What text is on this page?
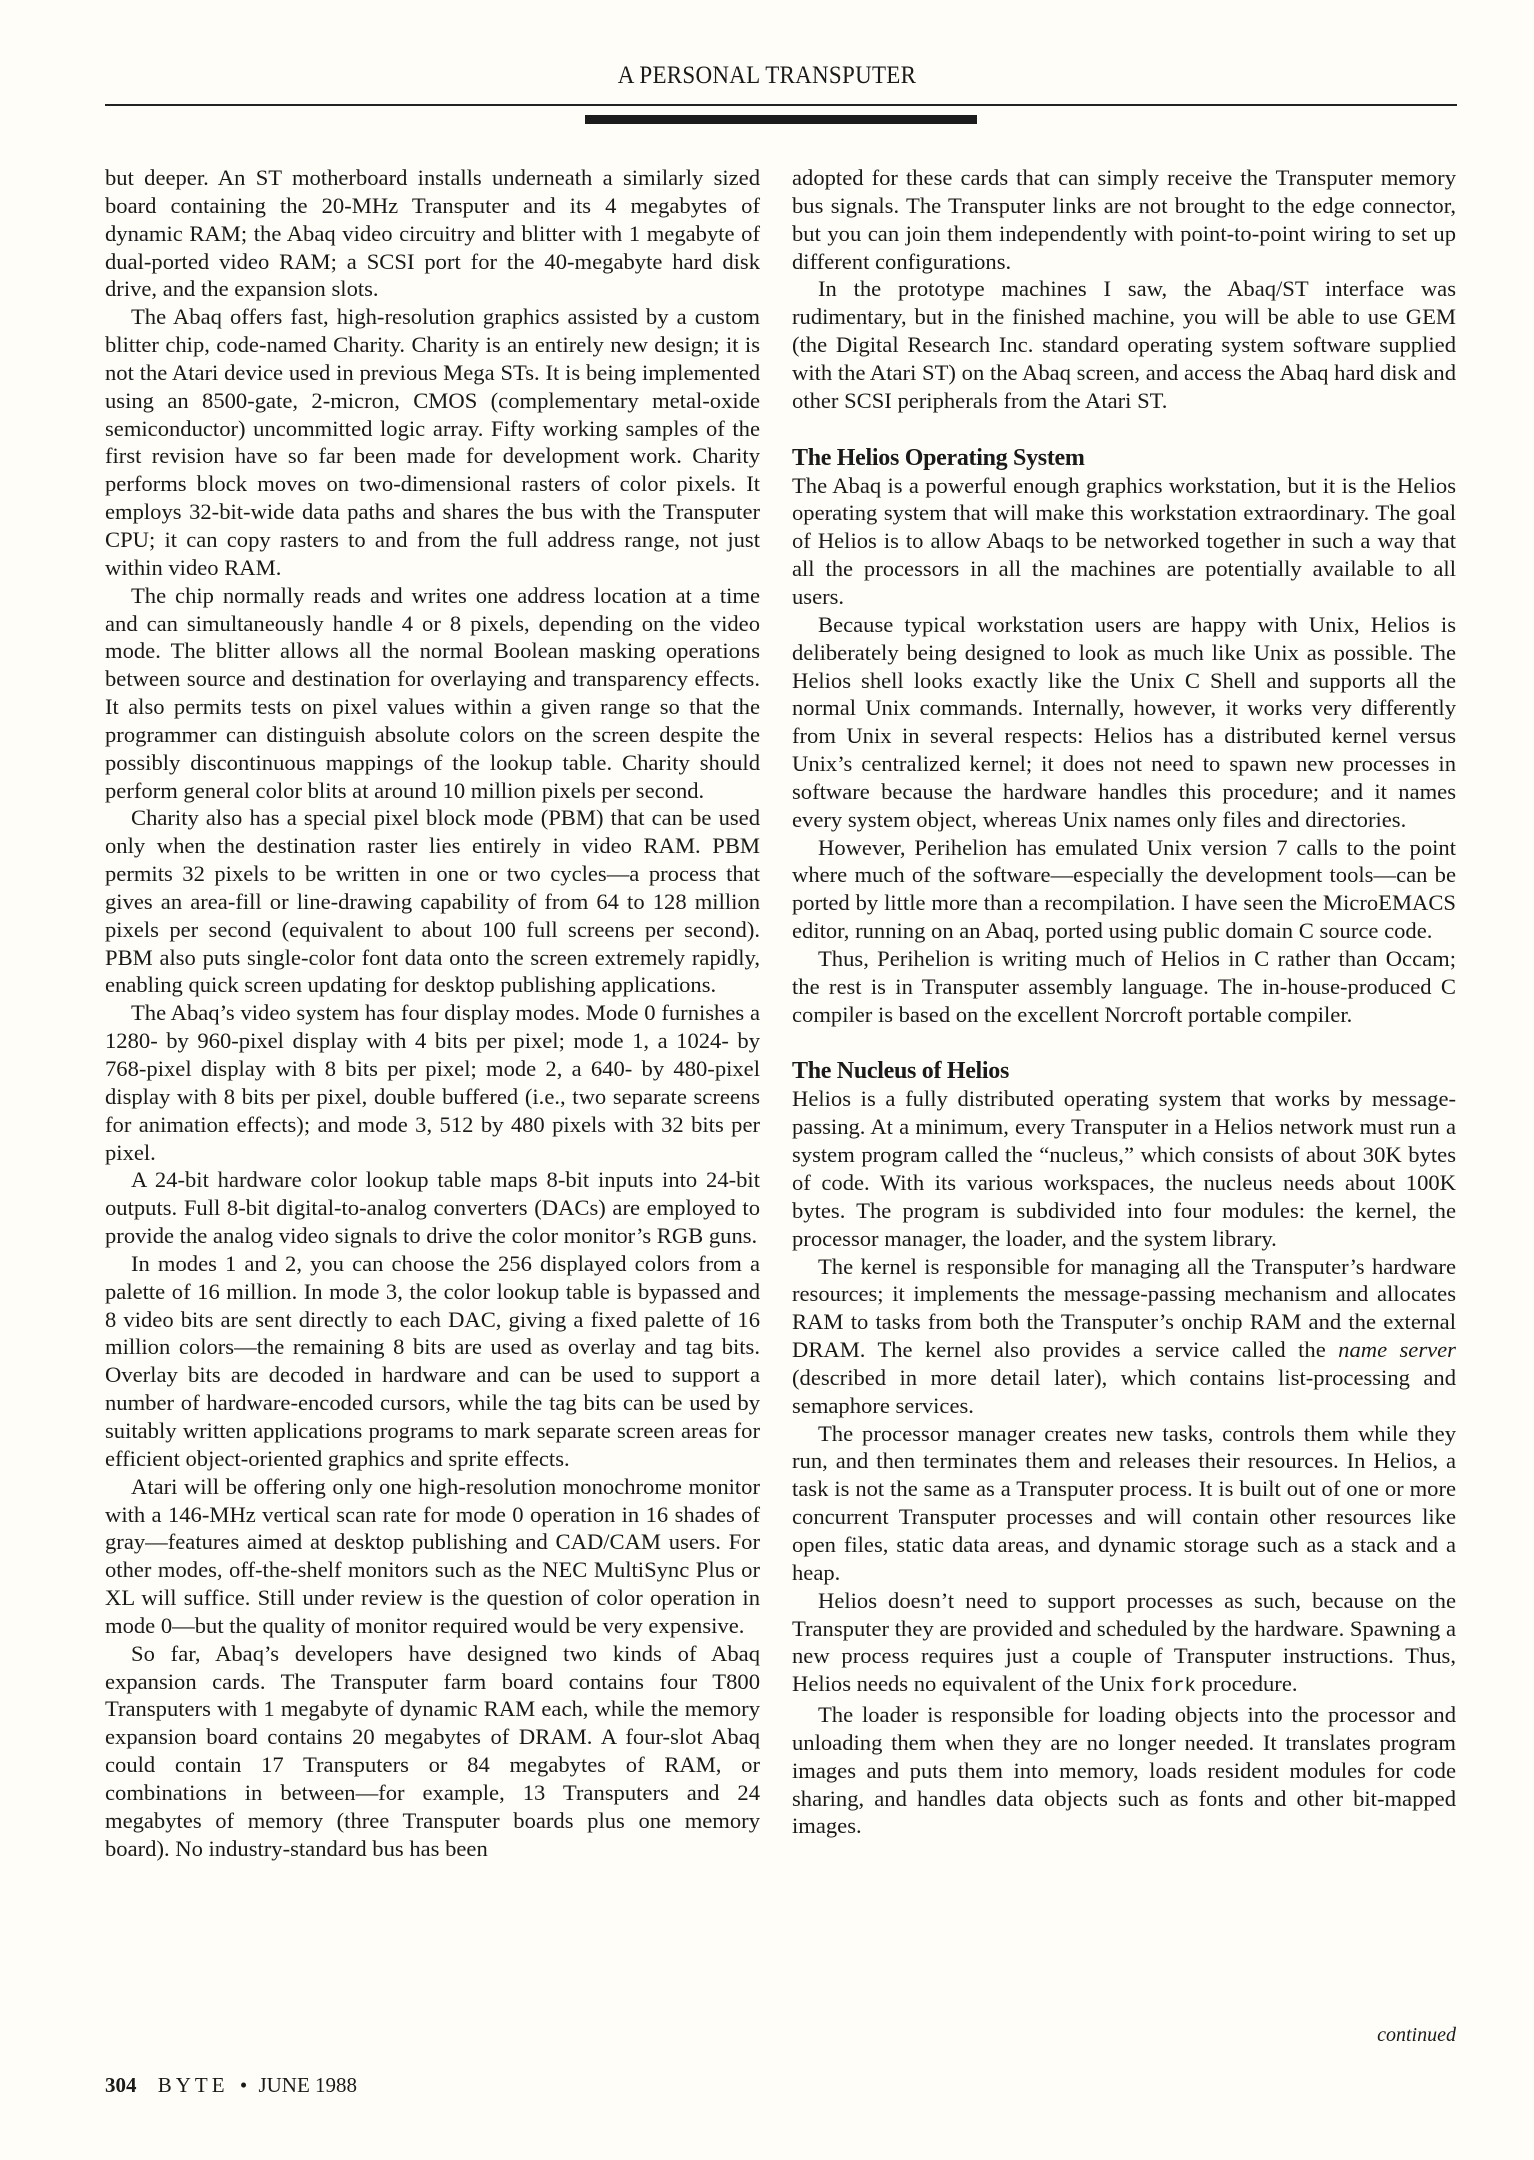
A PERSONAL TRANSPUTER

but deeper. An ST motherboard installs underneath a similarly sized board containing the 20-MHz Transputer and its 4 megabytes of dynamic RAM; the Abaq video circuitry and blitter with 1 megabyte of dual-ported video RAM; a SCSI port for the 40-megabyte hard disk drive, and the expansion slots.

The Abaq offers fast, high-resolution graphics assisted by a custom blitter chip, code-named Charity. Charity is an entirely new design; it is not the Atari device used in previous Mega STs. It is being implemented using an 8500-gate, 2-micron, CMOS (complementary metal-oxide semiconductor) uncommitted logic array. Fifty working samples of the first revision have so far been made for development work. Charity performs block moves on two-dimensional rasters of color pixels. It employs 32-bit-wide data paths and shares the bus with the Transputer CPU; it can copy rasters to and from the full address range, not just within video RAM.

The chip normally reads and writes one address location at a time and can simultaneously handle 4 or 8 pixels, depending on the video mode. The blitter allows all the normal Boolean masking operations between source and destination for overlaying and transparency effects. It also permits tests on pixel values within a given range so that the programmer can distinguish absolute colors on the screen despite the possibly discontinuous mappings of the lookup table. Charity should perform general color blits at around 10 million pixels per second.

Charity also has a special pixel block mode (PBM) that can be used only when the destination raster lies entirely in video RAM. PBM permits 32 pixels to be written in one or two cycles—a process that gives an area-fill or line-drawing capability of from 64 to 128 million pixels per second (equivalent to about 100 full screens per second). PBM also puts single-color font data onto the screen extremely rapidly, enabling quick screen updating for desktop publishing applications.

The Abaq’s video system has four display modes. Mode 0 furnishes a 1280- by 960-pixel display with 4 bits per pixel; mode 1, a 1024- by 768-pixel display with 8 bits per pixel; mode 2, a 640- by 480-pixel display with 8 bits per pixel, double buffered (i.e., two separate screens for animation effects); and mode 3, 512 by 480 pixels with 32 bits per pixel.

A 24-bit hardware color lookup table maps 8-bit inputs into 24-bit outputs. Full 8-bit digital-to-analog converters (DACs) are employed to provide the analog video signals to drive the color monitor’s RGB guns.

In modes 1 and 2, you can choose the 256 displayed colors from a palette of 16 million. In mode 3, the color lookup table is bypassed and 8 video bits are sent directly to each DAC, giving a fixed palette of 16 million colors—the remaining 8 bits are used as overlay and tag bits. Overlay bits are decoded in hardware and can be used to support a number of hardware-encoded cursors, while the tag bits can be used by suitably written applications programs to mark separate screen areas for efficient object-oriented graphics and sprite effects.

Atari will be offering only one high-resolution monochrome monitor with a 146-MHz vertical scan rate for mode 0 operation in 16 shades of gray—features aimed at desktop publishing and CAD/CAM users. For other modes, off-the-shelf monitors such as the NEC MultiSync Plus or XL will suffice. Still under review is the question of color operation in mode 0—but the quality of monitor required would be very expensive.

So far, Abaq’s developers have designed two kinds of Abaq expansion cards. The Transputer farm board contains four T800 Transputers with 1 megabyte of dynamic RAM each, while the memory expansion board contains 20 megabytes of DRAM. A four-slot Abaq could contain 17 Transputers or 84 megabytes of RAM, or combinations in between—for example, 13 Transputers and 24 megabytes of memory (three Transputer boards plus one memory board). No industry-standard bus has been

adopted for these cards that can simply receive the Transputer memory bus signals. The Transputer links are not brought to the edge connector, but you can join them independently with point-to-point wiring to set up different configurations.

In the prototype machines I saw, the Abaq/ST interface was rudimentary, but in the finished machine, you will be able to use GEM (the Digital Research Inc. standard operating system software supplied with the Atari ST) on the Abaq screen, and access the Abaq hard disk and other SCSI peripherals from the Atari ST.

The Helios Operating System

The Abaq is a powerful enough graphics workstation, but it is the Helios operating system that will make this workstation extraordinary. The goal of Helios is to allow Abaqs to be networked together in such a way that all the processors in all the machines are potentially available to all users.

Because typical workstation users are happy with Unix, Helios is deliberately being designed to look as much like Unix as possible. The Helios shell looks exactly like the Unix C Shell and supports all the normal Unix commands. Internally, however, it works very differently from Unix in several respects: Helios has a distributed kernel versus Unix’s centralized kernel; it does not need to spawn new processes in software because the hardware handles this procedure; and it names every system object, whereas Unix names only files and directories.

However, Perihelion has emulated Unix version 7 calls to the point where much of the software—especially the development tools—can be ported by little more than a recompilation. I have seen the MicroEMACS editor, running on an Abaq, ported using public domain C source code.

Thus, Perihelion is writing much of Helios in C rather than Occam; the rest is in Transputer assembly language. The in-house-produced C compiler is based on the excellent Norcroft portable compiler.

The Nucleus of Helios

Helios is a fully distributed operating system that works by message-passing. At a minimum, every Transputer in a Helios network must run a system program called the “nucleus,” which consists of about 30K bytes of code. With its various workspaces, the nucleus needs about 100K bytes. The program is subdivided into four modules: the kernel, the processor manager, the loader, and the system library.

The kernel is responsible for managing all the Transputer’s hardware resources; it implements the message-passing mechanism and allocates RAM to tasks from both the Transputer’s onchip RAM and the external DRAM. The kernel also provides a service called the name server (described in more detail later), which contains list-processing and semaphore services.

The processor manager creates new tasks, controls them while they run, and then terminates them and releases their resources. In Helios, a task is not the same as a Transputer process. It is built out of one or more concurrent Transputer processes and will contain other resources like open files, static data areas, and dynamic storage such as a stack and a heap.

Helios doesn’t need to support processes as such, because on the Transputer they are provided and scheduled by the hardware. Spawning a new process requires just a couple of Transputer instructions. Thus, Helios needs no equivalent of the Unix fork procedure.

The loader is responsible for loading objects into the processor and unloading them when they are no longer needed. It translates program images and puts them into memory, loads resident modules for code sharing, and handles data objects such as fonts and other bit-mapped images.

continued
304 BYTE • JUNE 1988
